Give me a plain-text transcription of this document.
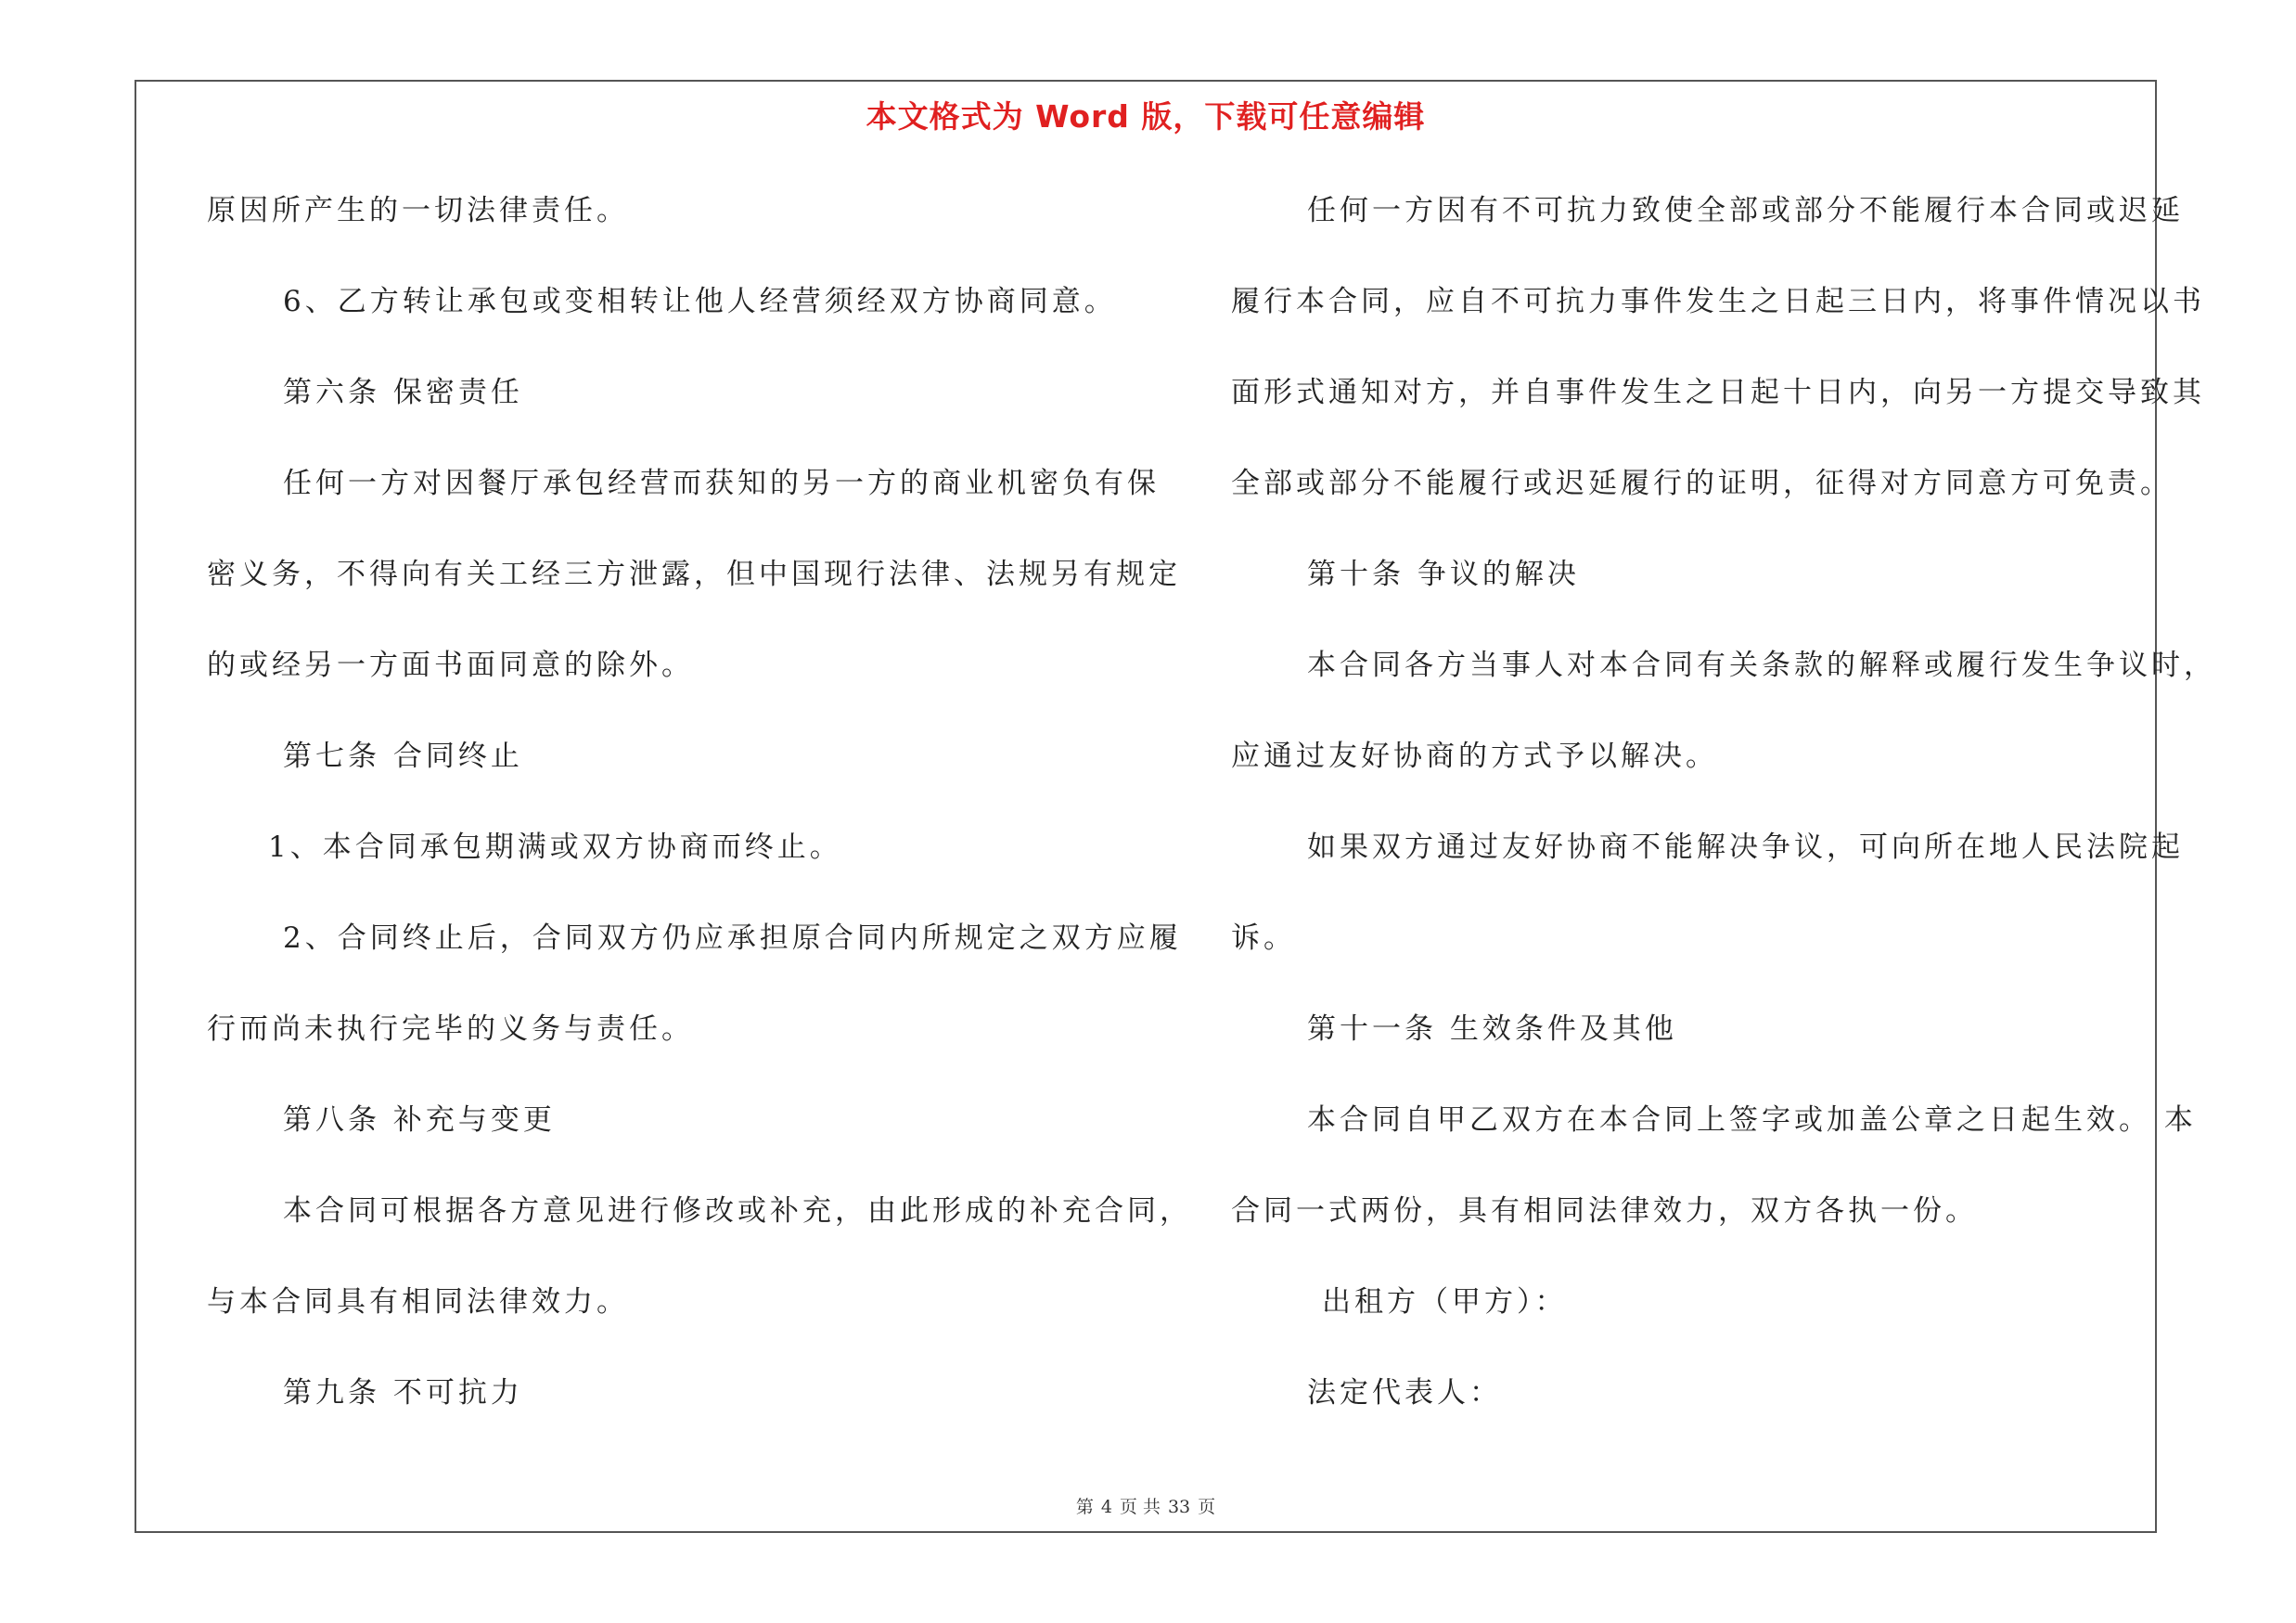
本文格式为 Word 版，下载可任意编辑
原因所产生的一切法律责任。
6、乙方转让承包或变相转让他人经营须经双方协商同意。
第六条 保密责任
任何一方对因餐厅承包经营而获知的另一方的商业机密负有保
密义务，不得向有关工经三方泄露，但中国现行法律、法规另有规定
的或经另一方面书面同意的除外。
第七条 合同终止
1、本合同承包期满或双方协商而终止。
2、合同终止后，合同双方仍应承担原合同内所规定之双方应履
行而尚未执行完毕的义务与责任。
第八条 补充与变更
本合同可根据各方意见进行修改或补充，由此形成的补充合同，
与本合同具有相同法律效力。
第九条 不可抗力
任何一方因有不可抗力致使全部或部分不能履行本合同或迟延
履行本合同，应自不可抗力事件发生之日起三日内，将事件情况以书
面形式通知对方，并自事件发生之日起十日内，向另一方提交导致其
全部或部分不能履行或迟延履行的证明，征得对方同意方可免责。
第十条 争议的解决
本合同各方当事人对本合同有关条款的解释或履行发生争议时，
应通过友好协商的方式予以解决。
如果双方通过友好协商不能解决争议，可向所在地人民法院起
诉。
第十一条 生效条件及其他
本合同自甲乙双方在本合同上签字或加盖公章之日起生效。 本
合同一式两份，具有相同法律效力，双方各执一份。
出租方（甲方）：
法定代表人：
第 4 页 共 33 页
